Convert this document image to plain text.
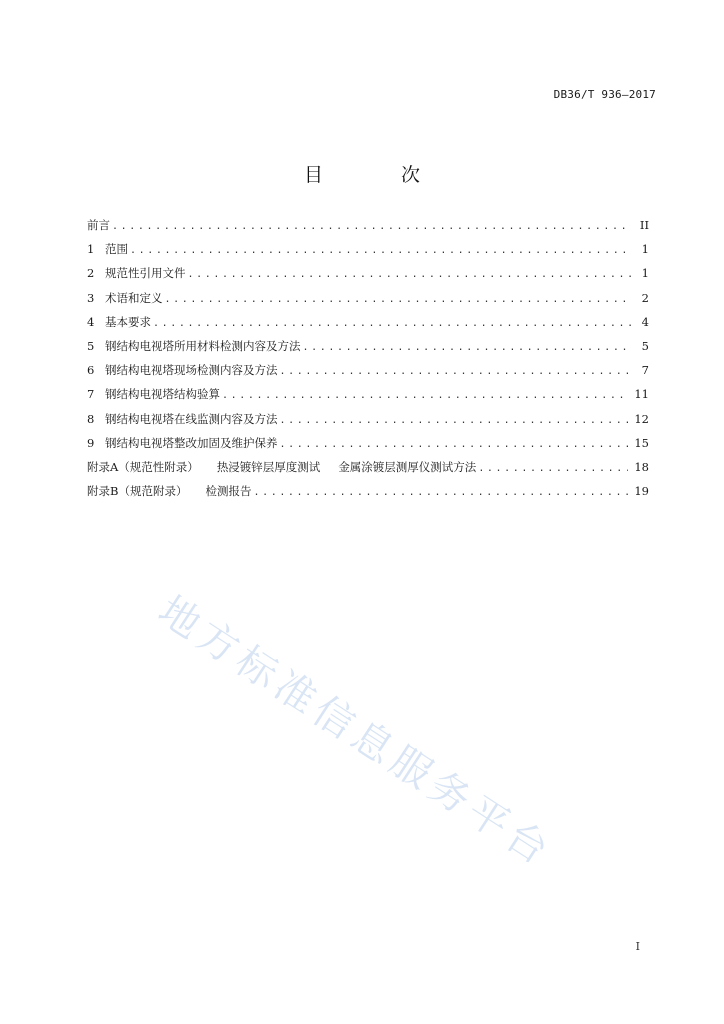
DB36/T 936—2017
目 次
前言 .....	II
1 范围 .....	1
2 规范性引用文件 .....	1
3 术语和定义 .....	2
4 基本要求 .....	4
5 钢结构电视塔所用材料检测内容及方法 .....	5
6 钢结构电视塔现场检测内容及方法 .....	7
7 钢结构电视塔结构验算 .....	11
8 钢结构电视塔在线监测内容及方法 .....	12
9 钢结构电视塔整改加固及维护保养 .....	15
附录A（规范性附录） 热浸镀锌层厚度测试 金属涂镀层测厚仪测试方法 .....	18
附录B（规范附录） 检测报告 .....	19
地方标准信息服务平台
I
